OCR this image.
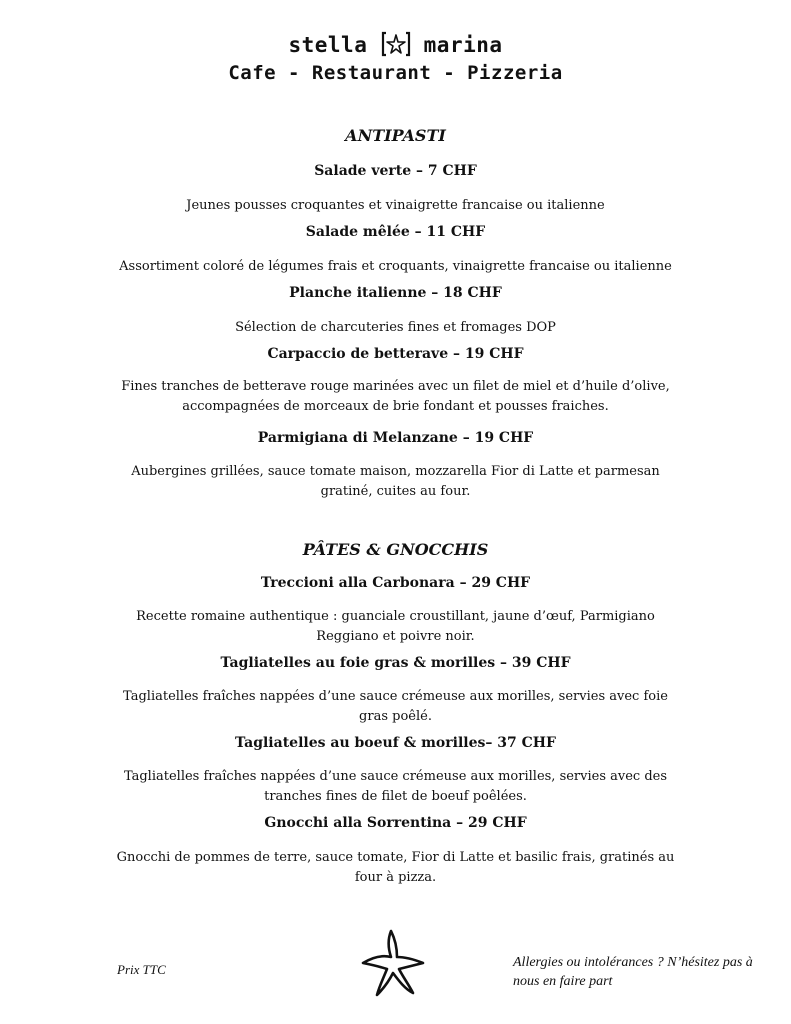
stella	marina
Cafe - Restaurant - Pizzeria
ANTIPASTI
Salade verte – 7 CHF
Jeunes pousses croquantes et vinaigrette francaise ou italienne
Salade mêlée – 11 CHF
Assortiment coloré de légumes frais et croquants, vinaigrette francaise ou italienne
Planche italienne – 18 CHF
Sélection de charcuteries fines et fromages DOP
Carpaccio de betterave – 19 CHF
Fines tranches de betterave rouge marinées avec un filet de miel et d’huile d’olive, accompagnées de morceaux de brie fondant et pousses fraiches.
Parmigiana di Melanzane – 19 CHF
Aubergines grillées, sauce tomate maison, mozzarella Fior di Latte et parmesan gratiné, cuites au four.
PÂTES & GNOCCHIS
Treccioni alla Carbonara – 29 CHF
Recette romaine authentique : guanciale croustillant, jaune d’œuf, Parmigiano Reggiano et poivre noir.
Tagliatelles au foie gras & morilles – 39 CHF
Tagliatelles fraîches nappées d’une sauce crémeuse aux morilles, servies avec foie gras poêlé.
Tagliatelles au boeuf & morilles– 37 CHF
Tagliatelles fraîches nappées d’une sauce crémeuse aux morilles, servies avec des tranches fines de filet de boeuf poêlées.
Gnocchi alla Sorrentina – 29 CHF
Gnocchi de pommes de terre, sauce tomate, Fior di Latte et basilic frais, gratinés au four à pizza.
Prix TTC	Allergies ou intolérances ? N’hésitez pas à nous en faire part
